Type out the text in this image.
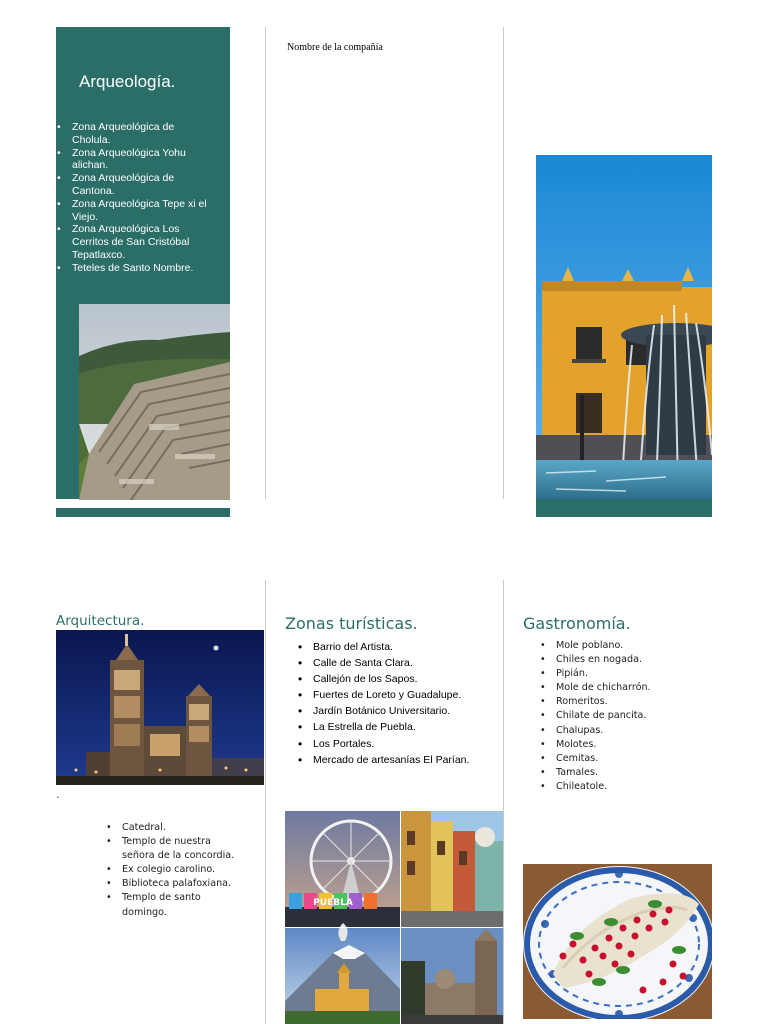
Arqueología.
• Zona Arqueológica de Cholula.
• Zona Arqueológica Yohu alichan.
• Zona Arqueológica de Cantona.
• Zona Arqueológica Tepe xi el Viejo.
• Zona Arqueológica Los Cerritos de San Cristóbal Tepatlaxco.
• Teteles de Santo Nombre.
Nombre de la compañía
Arquitectura.
.
• Catedral.
• Templo de nuestra señora de la concordia.
• Ex colegio carolino.
• Biblioteca palafoxiana.
• Templo de santo domingo.
Zonas turísticas.
• Barrio del Artista.
• Calle de Santa Clara.
• Callejón de los Sapos.
• Fuertes de Loreto y Guadalupe.
• Jardín Botánico Universitario.
• La Estrella de Puebla.
• Los Portales.
• Mercado de artesanías El Parían.
PUEBLA
Gastronomía.
• Mole poblano.
• Chiles en nogada.
• Pipián.
• Mole de chicharrón.
• Romeritos.
• Chilate de pancita.
• Chalupas.
• Molotes.
• Cemitas.
• Tamales.
• Chileatole.
